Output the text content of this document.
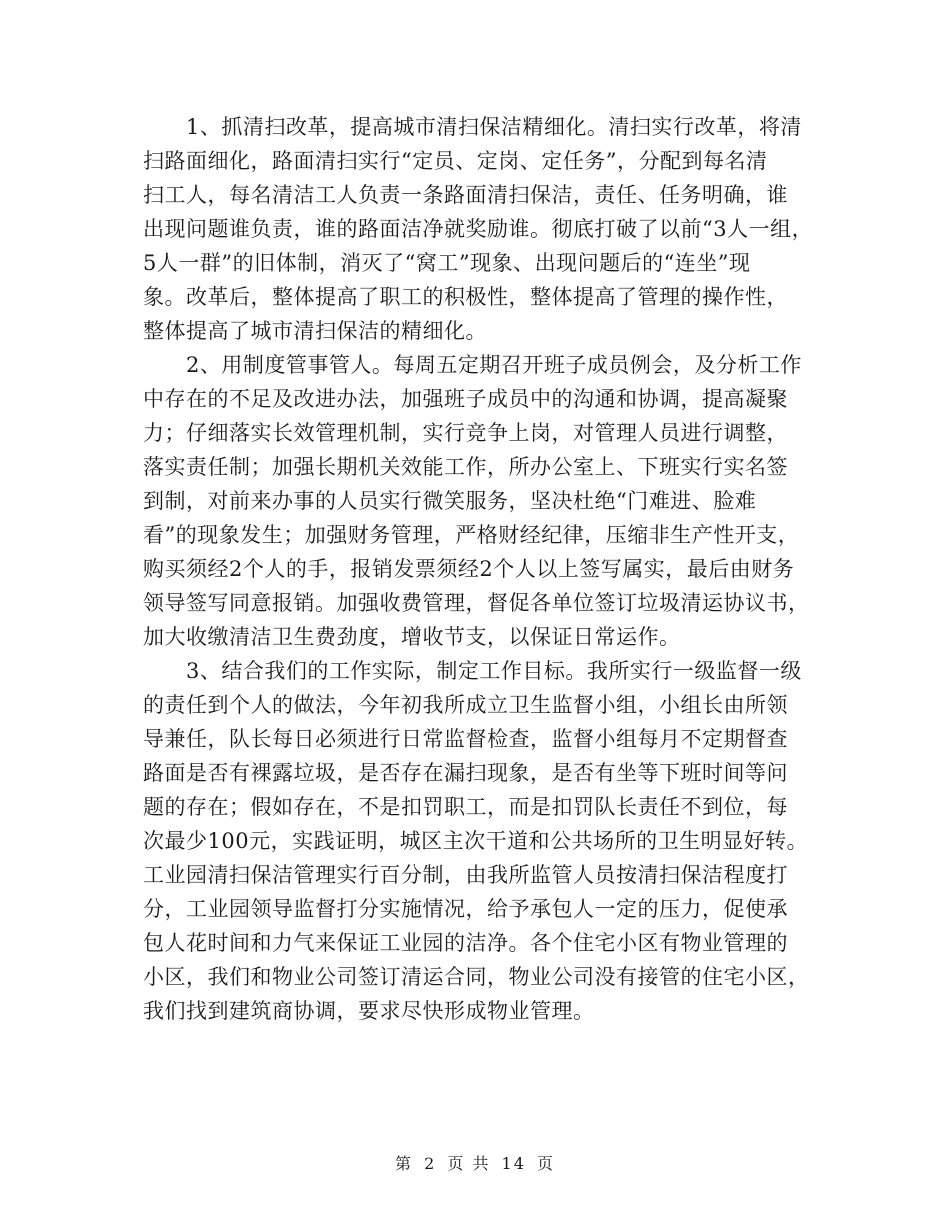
　　1、抓清扫改革，提高城市清扫保洁精细化。清扫实行改革，将清
扫路面细化，路面清扫实行“定员、定岗、定任务”，分配到每名清
扫工人，每名清洁工人负责一条路面清扫保洁，责任、任务明确，谁
出现问题谁负责，谁的路面洁净就奖励谁。彻底打破了以前“3人一组，
5人一群”的旧体制，消灭了“窝工”现象、出现问题后的“连坐”现
象。改革后，整体提高了职工的积极性，整体提高了管理的操作性，
整体提高了城市清扫保洁的精细化。
　　2、用制度管事管人。每周五定期召开班子成员例会，及分析工作
中存在的不足及改进办法，加强班子成员中的沟通和协调，提高凝聚
力；仔细落实长效管理机制，实行竞争上岗，对管理人员进行调整，
落实责任制；加强长期机关效能工作，所办公室上、下班实行实名签
到制，对前来办事的人员实行微笑服务，坚决杜绝“门难进、脸难
看”的现象发生；加强财务管理，严格财经纪律，压缩非生产性开支，
购买须经2个人的手，报销发票须经2个人以上签写属实，最后由财务
领导签写同意报销。加强收费管理，督促各单位签订垃圾清运协议书，
加大收缴清洁卫生费劲度，增收节支，以保证日常运作。
　　3、结合我们的工作实际，制定工作目标。我所实行一级监督一级
的责任到个人的做法，今年初我所成立卫生监督小组，小组长由所领
导兼任，队长每日必须进行日常监督检查，监督小组每月不定期督查
路面是否有裸露垃圾，是否存在漏扫现象，是否有坐等下班时间等问
题的存在；假如存在，不是扣罚职工，而是扣罚队长责任不到位，每
次最少100元，实践证明，城区主次干道和公共场所的卫生明显好转。
工业园清扫保洁管理实行百分制，由我所监管人员按清扫保洁程度打
分，工业园领导监督打分实施情况，给予承包人一定的压力，促使承
包人花时间和力气来保证工业园的洁净。各个住宅小区有物业管理的
小区，我们和物业公司签订清运合同，物业公司没有接管的住宅小区，
我们找到建筑商协调，要求尽快形成物业管理。
第 2 页 共 14 页
